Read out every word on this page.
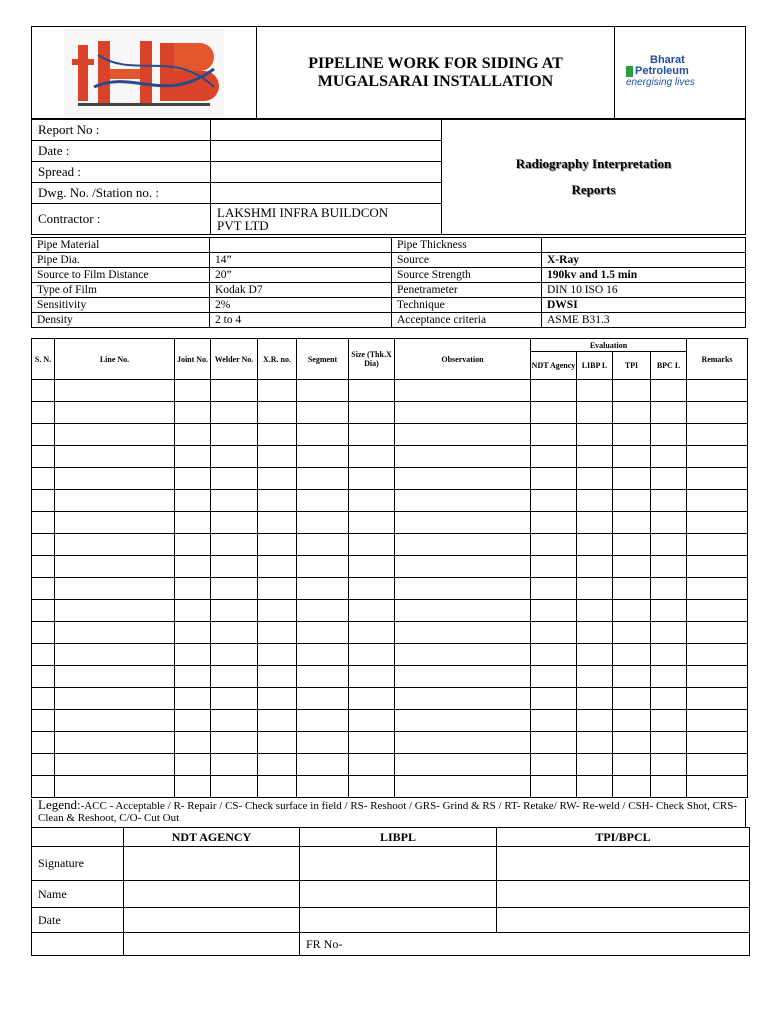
PIPELINE WORK FOR SIDING AT
MUGALSARAI INSTALLATION

Bharat
Petroleum
energising lives
Report No :		Radiography Interpretation
Reports

Date :		
Spread :		
Dwg. No. /Station no. :		
Contractor :	LAKSHMI INFRA BUILDCON
PVT LTD	
Pipe Material		Pipe Thickness	
Pipe Dia.	14”	Source	X-Ray
Source to Film Distance	20”	Source Strength	190kv and 1.5 min
Type of Film	Kodak D7	Penetrameter	DIN 10 ISO 16
Sensitivity	2%	Technique	DWSI
Density	2 to 4	Acceptance criteria	ASME B31.3
S. N.	Line No.	Joint No.	Welder No.	X.R. no.	Segment	Size (Thk.X Dia)	Observation	Evaluation				Remarks
								NDT Agency	LIBP L	TPI	BPC L	

Legend:-ACC - Acceptable / R- Repair / CS- Check surface in field / RS- Reshoot / GRS- Grind & RS / RT- Retake/ RW- Re-weld / CSH- Check Shot, CRS-Clean & Reshoot, C/O- Cut Out
	NDT AGENCY	LIBPL	TPI/BPCL
Signature			
Name			
Date			
		FR No-	
